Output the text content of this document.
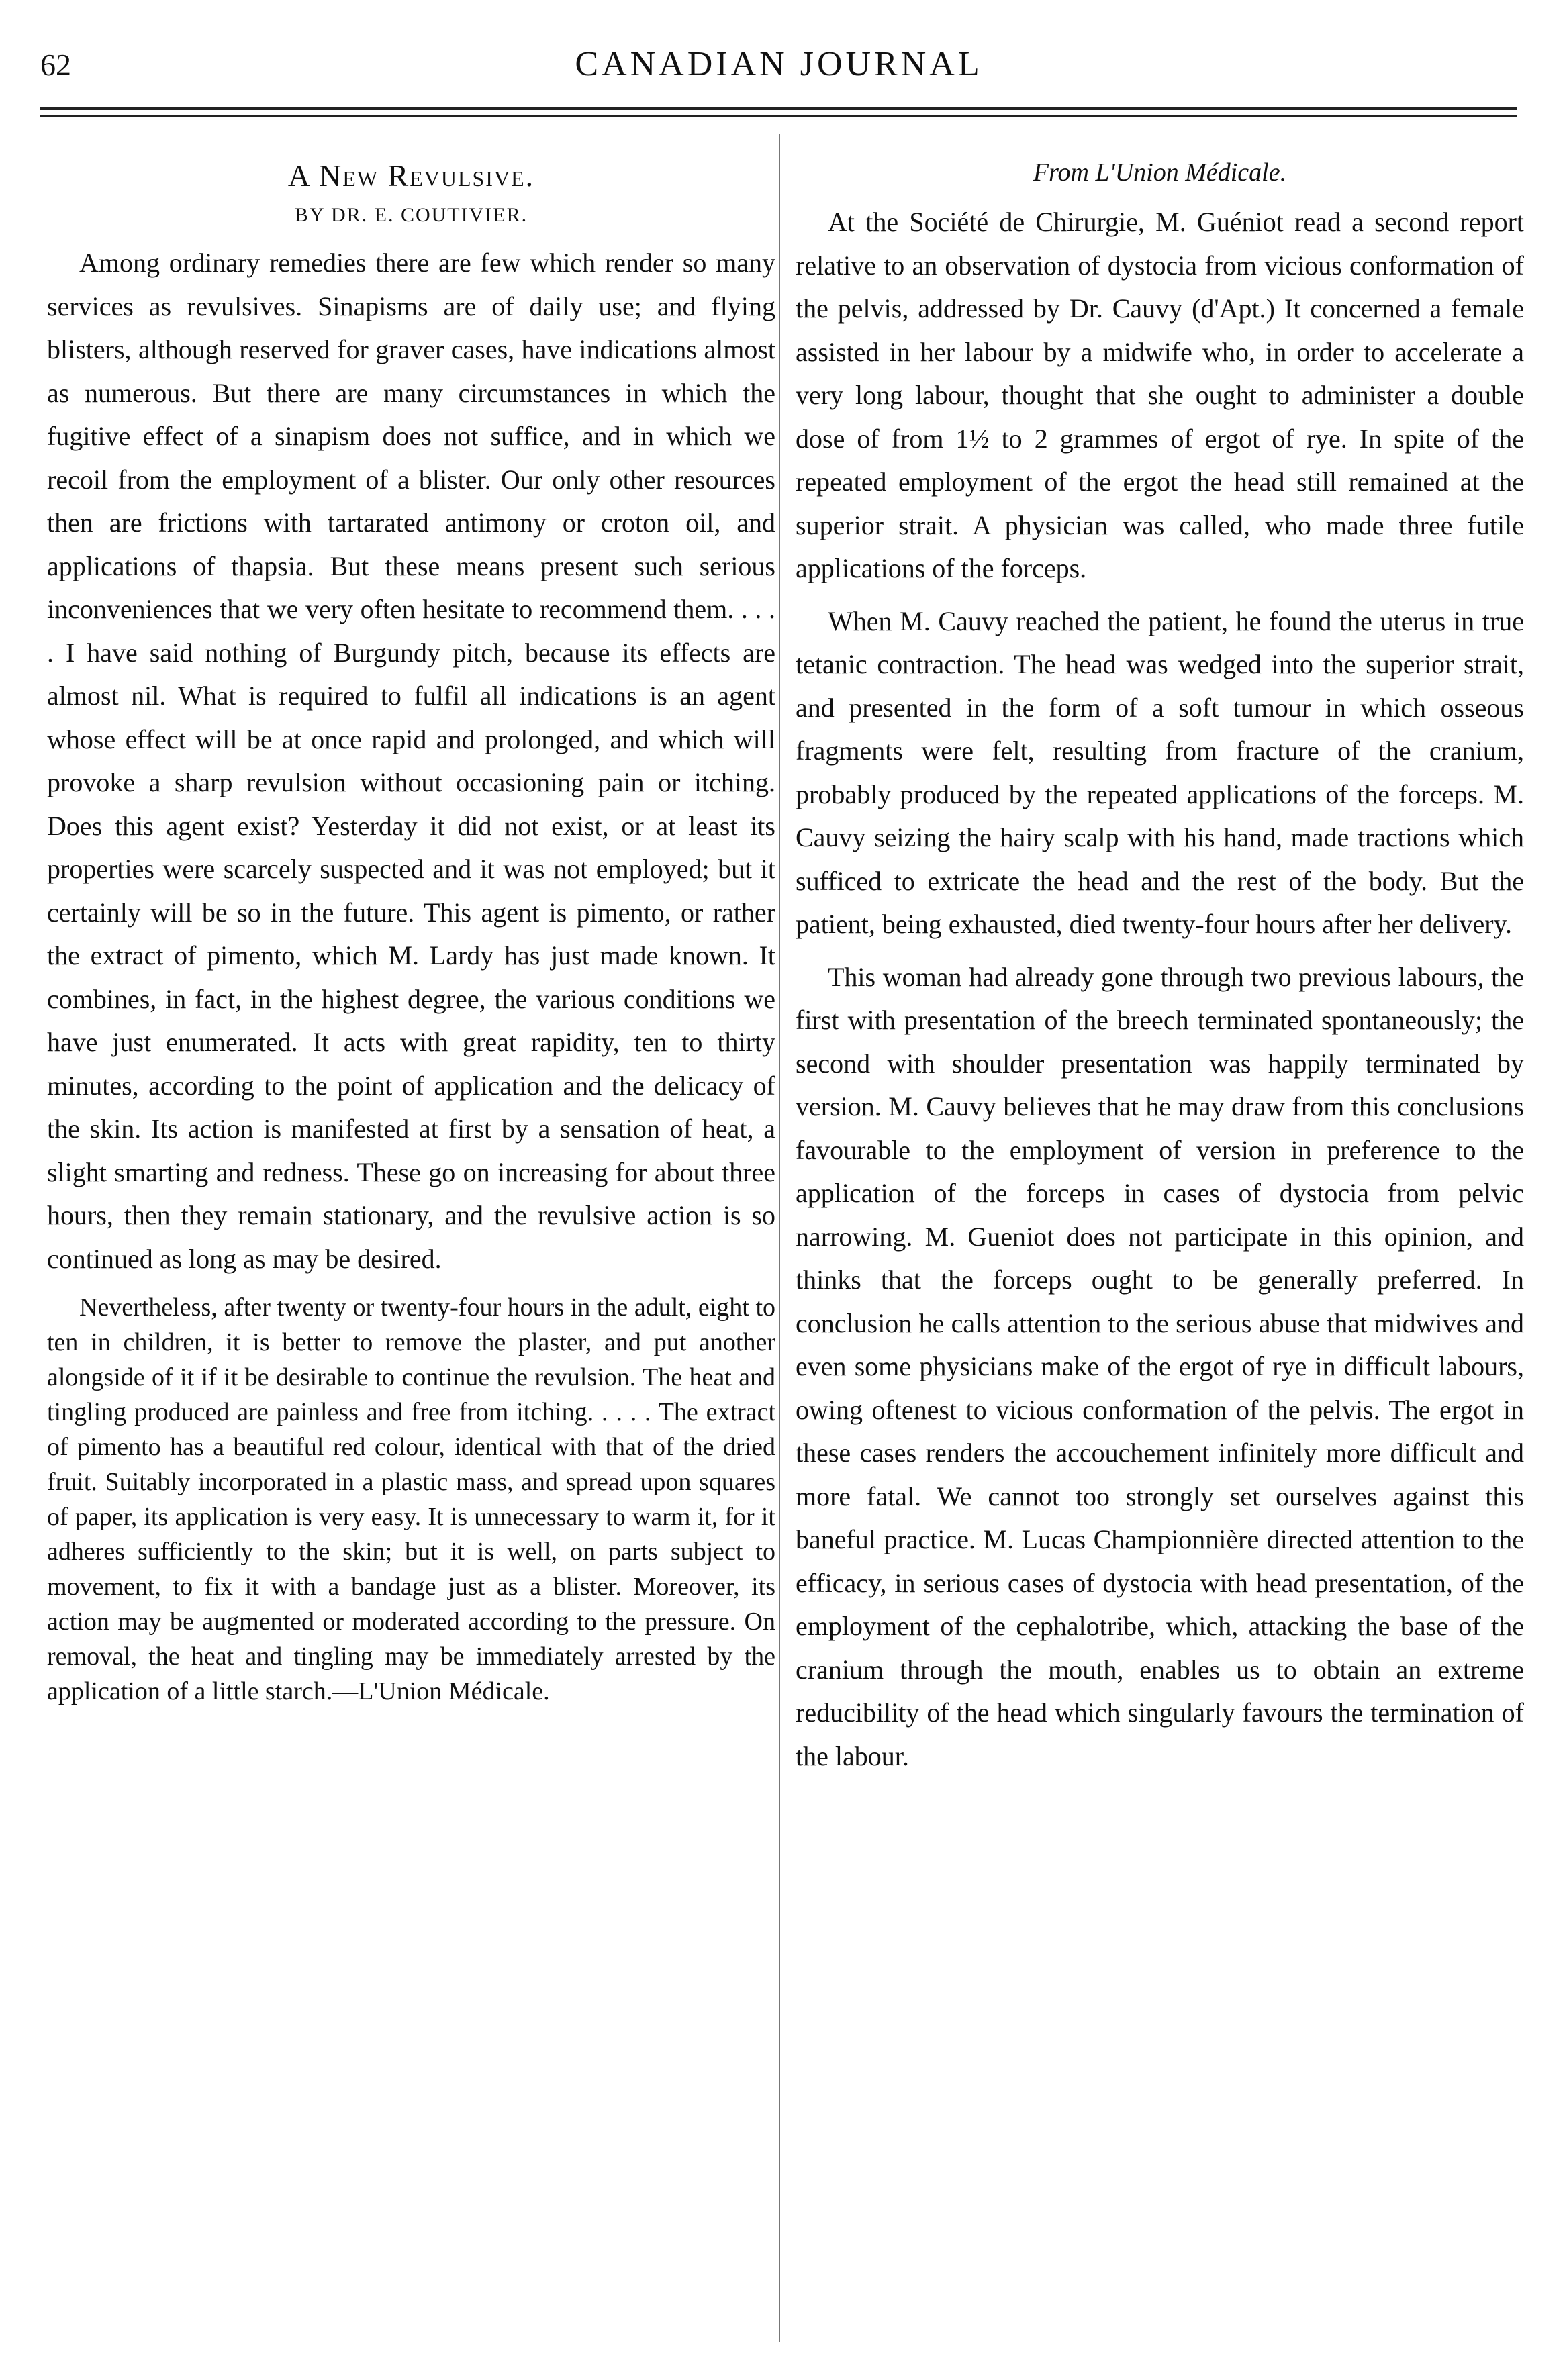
62	CANADIAN JOURNAL
A New Revulsive.
BY DR. E. COUTIVIER.

Among ordinary remedies there are few which render so many services as revulsives. Sinapisms are of daily use; and flying blisters, although reserved for graver cases, have indications almost as numerous. But there are many circumstances in which the fugitive effect of a sinapism does not suffice, and in which we recoil from the employment of a blister. Our only other resources then are frictions with tartarated antimony or croton oil, and applications of thapsia. But these means present such serious inconveniences that we very often hesitate to recommend them. . . . . I have said nothing of Burgundy pitch, because its effects are almost nil. What is required to fulfil all indications is an agent whose effect will be at once rapid and prolonged, and which will provoke a sharp revulsion without occasioning pain or itching. Does this agent exist? Yesterday it did not exist, or at least its properties were scarcely suspected and it was not employed; but it certainly will be so in the future. This agent is pimento, or rather the extract of pimento, which M. Lardy has just made known. It combines, in fact, in the highest degree, the various conditions we have just enumerated. It acts with great rapidity, ten to thirty minutes, according to the point of application and the delicacy of the skin. Its action is manifested at first by a sensation of heat, a slight smarting and redness. These go on increasing for about three hours, then they remain stationary, and the revulsive action is so continued as long as may be desired.

Nevertheless, after twenty or twenty-four hours in the adult, eight to ten in children, it is better to remove the plaster, and put another alongside of it if it be desirable to continue the revulsion. The heat and tingling produced are painless and free from itching. . . . . The extract of pimento has a beautiful red colour, identical with that of the dried fruit. Suitably incorporated in a plastic mass, and spread upon squares of paper, its application is very easy. It is unnecessary to warm it, for it adheres sufficiently to the skin; but it is well, on parts subject to movement, to fix it with a bandage just as a blister. Moreover, its action may be augmented or moderated according to the pressure. On removal, the heat and tingling may be immediately arrested by the application of a little starch.—L'Union Médicale.

From L'Union Médicale.

At the Société de Chirurgie, M. Guéniot read a second report relative to an observation of dystocia from vicious conformation of the pelvis, addressed by Dr. Cauvy (d'Apt.) It concerned a female assisted in her labour by a midwife who, in order to accelerate a very long labour, thought that she ought to administer a double dose of from 1½ to 2 grammes of ergot of rye. In spite of the repeated employment of the ergot the head still remained at the superior strait. A physician was called, who made three futile applications of the forceps.

When M. Cauvy reached the patient, he found the uterus in true tetanic contraction. The head was wedged into the superior strait, and presented in the form of a soft tumour in which osseous fragments were felt, resulting from fracture of the cranium, probably produced by the repeated applications of the forceps. M. Cauvy seizing the hairy scalp with his hand, made tractions which sufficed to extricate the head and the rest of the body. But the patient, being exhausted, died twenty-four hours after her delivery.

This woman had already gone through two previous labours, the first with presentation of the breech terminated spontaneously; the second with shoulder presentation was happily terminated by version. M. Cauvy believes that he may draw from this conclusions favourable to the employment of version in preference to the application of the forceps in cases of dystocia from pelvic narrowing. M. Gueniot does not participate in this opinion, and thinks that the forceps ought to be generally preferred. In conclusion he calls attention to the serious abuse that midwives and even some physicians make of the ergot of rye in difficult labours, owing oftenest to vicious conformation of the pelvis. The ergot in these cases renders the accouchement infinitely more difficult and more fatal. We cannot too strongly set ourselves against this baneful practice. M. Lucas Championnière directed attention to the efficacy, in serious cases of dystocia with head presentation, of the employment of the cephalotribe, which, attacking the base of the cranium through the mouth, enables us to obtain an extreme reducibility of the head which singularly favours the termination of the labour.
